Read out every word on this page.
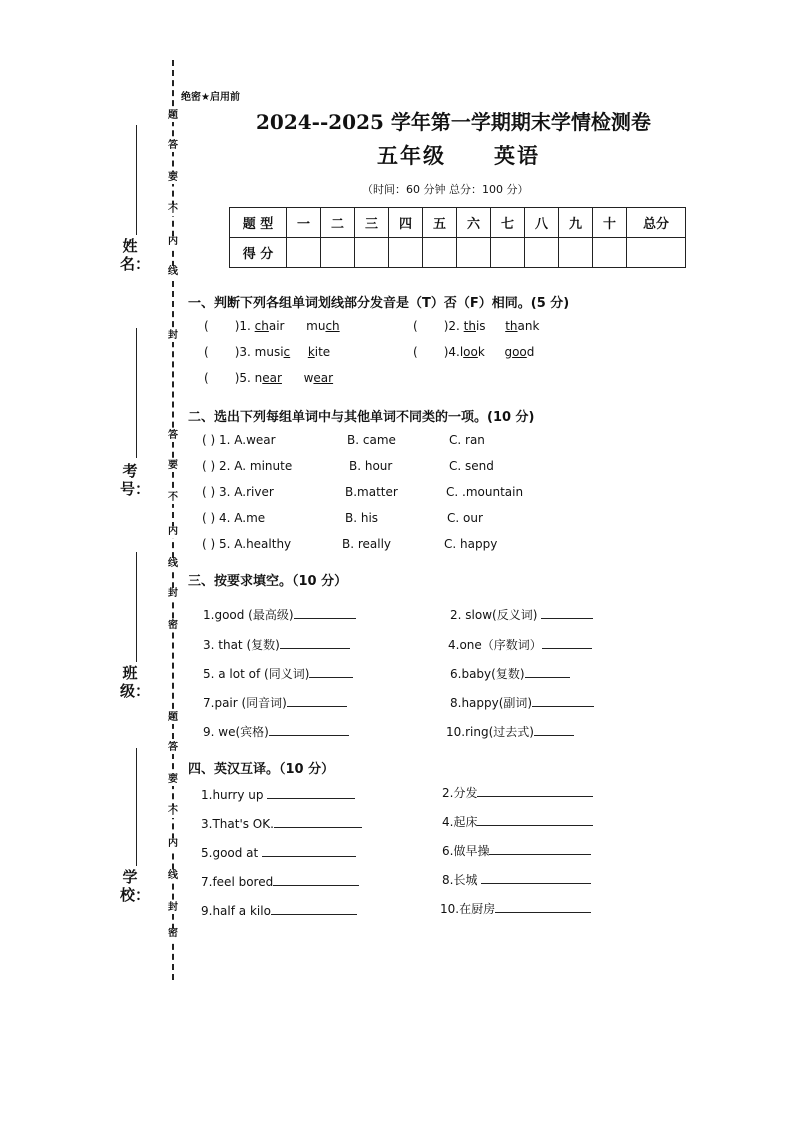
题
答
要
不
内
线
封
答
要
不
内
线
封
密
题
答
要
不
内
线
封
密
姓名：
考号：
班级：
学校：
绝密★启用前
2024--2025 学年第一学期期末学情检测卷
五年级 英语
（时间：60 分钟 总分：100 分）
题 型	一	二	三	四	五	六	七	八	九	十	总分
得 分											
一、判断下列各组单词划线部分发音是（T）否（F）相同。(5 分)
( )1. chair much	( )2. this thank
( )3. music kite	( )4.look good
( )5. near wear
二、选出下列每组单词中与其他单词不同类的一项。(10 分)
( ) 1. A.wear	B. came	C. ran
( ) 2. A. minute	B. hour	C. send
( ) 3. A.river	B.matter	C. .mountain
( ) 4. A.me	B. his	C. our
( ) 5. A.healthy	B. really	C. happy
三、按要求填空。（10 分）
1.good (最高级)	2. slow(反义词)
3. that (复数)	4.one（序数词）
5. a lot of (同义词)	6.baby(复数)
7.pair (同音词)	8.happy(副词)
9. we(宾格)	10.ring(过去式)
四、英汉互译。（10 分）
1.hurry up	2.分发
3.That's OK.	4.起床
5.good at	6.做早操
7.feel bored	8.长城
9.half a kilo	10.在厨房
